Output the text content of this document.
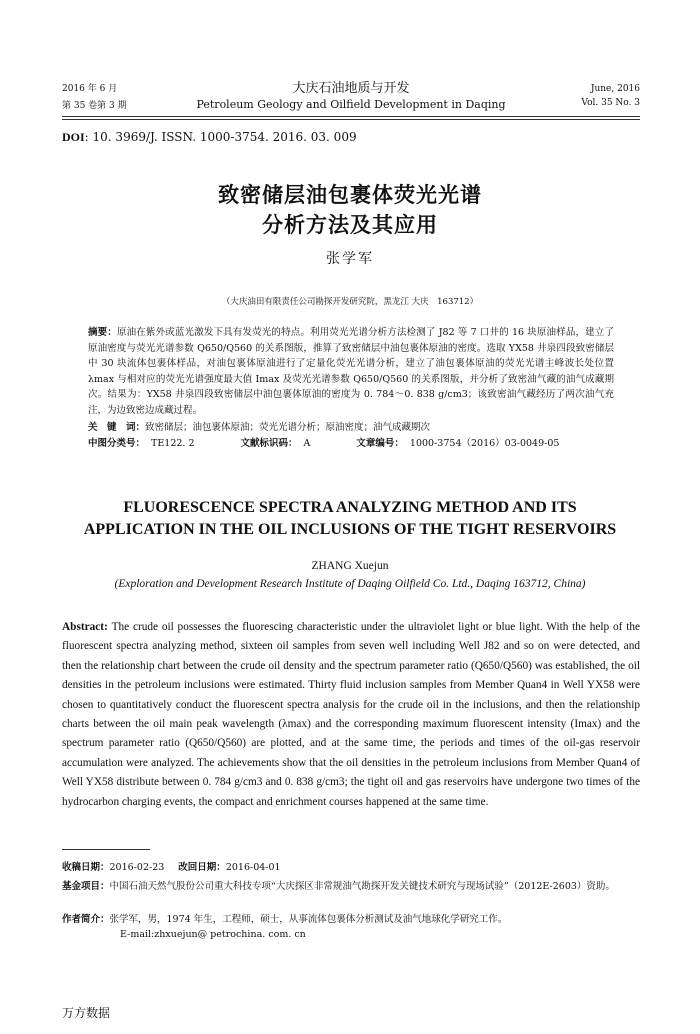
2016 年 6 月
第 35 卷第 3 期
大庆石油地质与开发
Petroleum Geology and Oilfield Development in Daqing
June, 2016
Vol. 35 No. 3
DOI: 10. 3969/J. ISSN. 1000-3754. 2016. 03. 009
致密储层油包裹体荧光光谱
分析方法及其应用
张学军
（大庆油田有限责任公司勘探开发研究院，黑龙江 大庆　163712）
摘要：原油在紫外或蓝光激发下具有发荧光的特点。利用荧光光谱分析方法检测了 J82 等 7 口井的 16 块原油样品，建立了原油密度与荧光光谱参数 Q650/Q560 的关系图版，推算了致密储层中油包裹体原油的密度。选取 YX58 井泉四段致密储层中 30 块流体包裹体样品，对油包裹体原油进行了定量化荧光光谱分析，建立了油包裹体原油的荧光光谱主峰波长处位置 λmax 与相对应的荧光光谱强度最大值 Imax 及荧光光谱参数 Q650/Q560 的关系图版，并分析了致密油气藏的油气成藏期次。结果为：YX58 井泉四段致密储层中油包裹体原油的密度为 0. 784～0. 838 g/cm3；该致密油气藏经历了两次油气充注，为边致密边成藏过程。
关　键　词：致密储层；油包裹体原油；荧光光谱分析；原油密度；油气成藏期次
中图分类号： TE122. 2	文献标识码： A	文章编号： 1000-3754（2016）03-0049-05
FLUORESCENCE SPECTRA ANALYZING METHOD AND ITS
APPLICATION IN THE OIL INCLUSIONS OF THE TIGHT RESERVOIRS
ZHANG Xuejun
(Exploration and Development Research Institute of Daqing Oilfield Co. Ltd., Daqing 163712, China)
Abstract: The crude oil possesses the fluorescing characteristic under the ultraviolet light or blue light. With the help of the fluorescent spectra analyzing method, sixteen oil samples from seven well including Well J82 and so on were detected, and then the relationship chart between the crude oil density and the spectrum parameter ratio (Q650/Q560) was established, the oil densities in the petroleum inclusions were estimated. Thirty fluid inclusion samples from Member Quan4 in Well YX58 were chosen to quantitatively conduct the fluorescent spectra analysis for the crude oil in the inclusions, and then the relationship charts between the oil main peak wavelength (λmax) and the corresponding maximum fluorescent intensity (Imax) and the spectrum parameter ratio (Q650/Q560) are plotted, and at the same time, the periods and times of the oil-gas reservoir accumulation were analyzed. The achievements show that the oil densities in the petroleum inclusions from Member Quan4 of Well YX58 distribute between 0. 784 g/cm3 and 0. 838 g/cm3; the tight oil and gas reservoirs have undergone two times of the hydrocarbon charging events, the compact and enrichment courses happened at the same time.
收稿日期：2016-02-23 改回日期：2016-04-01
基金项目：中国石油天然气股份公司重大科技专项“大庆探区非常规油气勘探开发关键技术研究与现场试验”（2012E-2603）资助。
作者简介：张学军，男，1974 年生，工程师，硕士，从事流体包裹体分析测试及油气地球化学研究工作。
E-mail:zhxuejun@ petrochina. com. cn
万方数据
